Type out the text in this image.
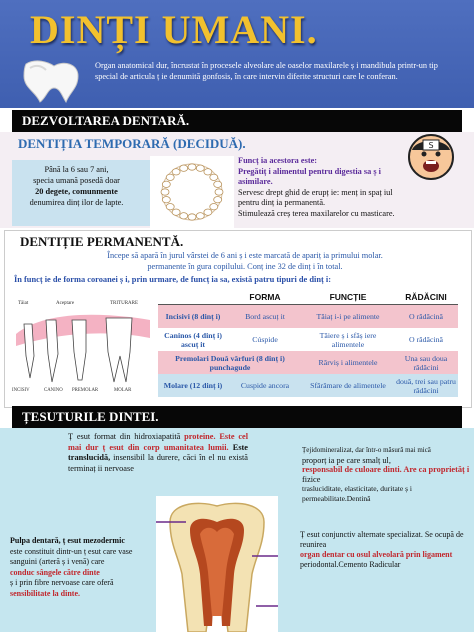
DINȚI UMANI.
Organ anatomical dur, încrustat în procesele alveolare ale oaselor maxilarele ș i mandibula printr-un tip special de articula ț ie denumită gonfosis, în care intervin diferite structuri care le conferan.
DEZVOLTAREA DENTARĂ.
DENTIȚIA TEMPORARĂ (DECIDUĂ).
Până la 6 sau 7 ani,
specia umană posedă doar
20 degete, comunmente
denumirea dinț ilor de lapte.
Funcț ia acestora este:
Pregătiț i alimentul pentru digestia sa ș i asimilare.
Servesc drept ghid de erupț ie: menț in spaț iul pentru dinț ia permanentă.
Stimulează creș terea maxilarelor cu masticare.
S
DENTIȚIE PERMANENTĂ.
Începe să apară în jurul vârstei de 6 ani ș i este marcată de apariț ia primului molar.
permanente în gura copilului. Conț ine 32 de dinț i în total.
În funcț ie de forma coroanei ș i, prin urmare, de funcț ia sa, există patru tipuri de dinț i:
Tăiat	Aceptare	TRITURARE
INCISIV	CANINO PREMOLAR	MOLAR
	FORMA	FUNCȚIE	RĂDĂCINI
Incisivi (8 dinț i)	Bord ascuț it	Tăiaț i-i pe alimente	O rădăcină
Caninos (4 dinț i) ascuț it	Cúspide	Tăiere ș i sfâș iere alimentele	O rădăcină
Premolari Două vârfuri (8 dinț i) punchagude		Rărviș i alimentele	Una sau doua rădăcini
Molare (12 dinț i)	Cuspide ancora	Sfărâmare de alimentele	două, trei sau patru rădăcini
ȚESUTURILE DINTEI.
Ț esut format din hidroxiapatită proteine. Este cel mai dur ț esut din corp umanitatea lumii. Este translucidă, insensibil la durere, căci în el nu există terminaț ii nervoase
Țejidomineralizat, dar într-o măsură mai mică
proporț ia pe care smalț ul,
responsabil de culoare dinti. Are ca proprietăț i
fizice
trasluciditate, elasticitate, duritate ș i permeabilitate.Dentină
Ț esut conjunctiv alternate specializat. Se ocupă de reunirea
organ dentar cu osul alveolară prin ligament
periodontal.Cemento Radicular
Pulpa dentară, ț esut mezodermic
este constituit dintr-un ț esut care vase sanguini (arteră ș i venă) care
conduc sângele către dinte
ș i prin fibre nervoase care oferă
sensibilitate la dinte.
